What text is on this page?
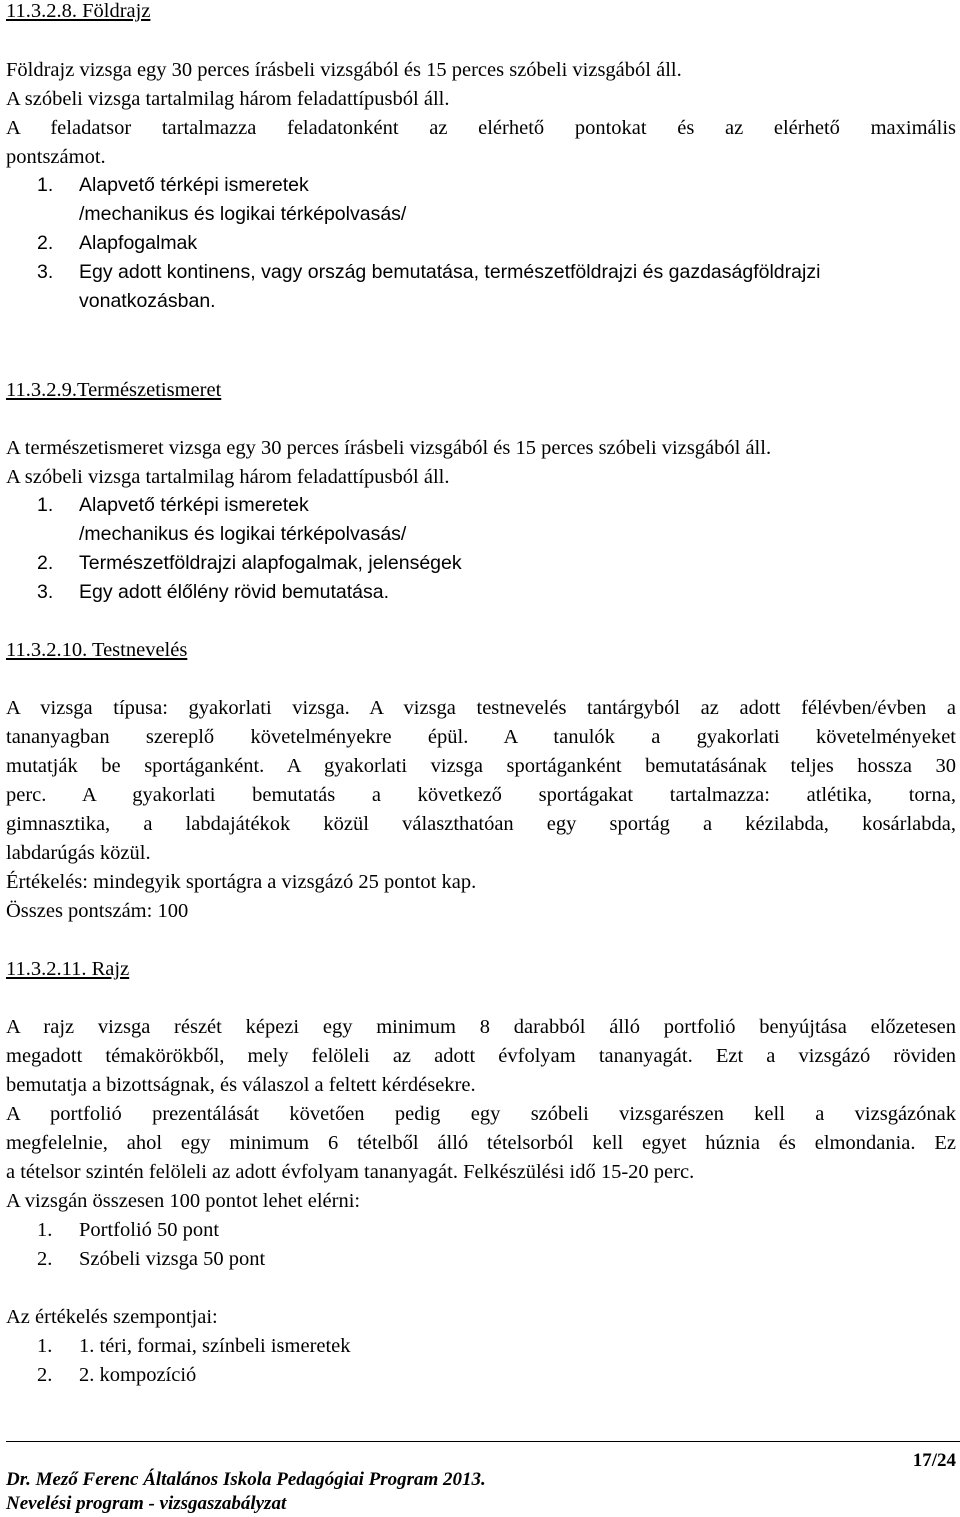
11.3.2.8. Földrajz
Földrajz vizsga egy 30 perces írásbeli vizsgából és 15 perces szóbeli vizsgából áll.
A szóbeli vizsga tartalmilag három feladattípusból áll.
A feladatsor tartalmazza feladatonként az elérhető pontokat és az elérhető maximális
pontszámot.
1. Alapvető térképi ismeretek
/mechanikus és logikai térképolvasás/
2. Alapfogalmak
3. Egy adott kontinens, vagy ország bemutatása, természetföldrajzi és gazdaságföldrajzi
vonatkozásban.
11.3.2.9.Természetismeret
A természetismeret vizsga egy 30 perces írásbeli vizsgából és 15 perces szóbeli vizsgából áll.
A szóbeli vizsga tartalmilag három feladattípusból áll.
1. Alapvető térképi ismeretek
/mechanikus és logikai térképolvasás/
2. Természetföldrajzi alapfogalmak, jelenségek
3. Egy adott élőlény rövid bemutatása.
11.3.2.10. Testnevelés
A vizsga típusa: gyakorlati vizsga. A vizsga testnevelés tantárgyból az adott félévben/évben a
tananyagban szereplő követelményekre épül. A tanulók a gyakorlati követelményeket
mutatják be sportáganként. A gyakorlati vizsga sportáganként bemutatásának teljes hossza 30
perc. A gyakorlati bemutatás a következő sportágakat tartalmazza: atlétika, torna,
gimnasztika, a labdajátékok közül választhatóan egy sportág a kézilabda, kosárlabda,
labdarúgás közül.
Értékelés: mindegyik sportágra a vizsgázó 25 pontot kap.
Összes pontszám: 100
11.3.2.11. Rajz
A rajz vizsga részét képezi egy minimum 8 darabból álló portfolió benyújtása előzetesen
megadott témakörökből, mely felöleli az adott évfolyam tananyagát. Ezt a vizsgázó röviden
bemutatja a bizottságnak, és válaszol a feltett kérdésekre.
A portfolió prezentálását követően pedig egy szóbeli vizsgarészen kell a vizsgázónak
megfelelnie, ahol egy minimum 6 tételből álló tételsorból kell egyet húznia és elmondania. Ez
a tételsor szintén felöleli az adott évfolyam tananyagát. Felkészülési idő 15-20 perc.
A vizsgán összesen 100 pontot lehet elérni:
1. Portfolió 50 pont
2. Szóbeli vizsga 50 pont
Az értékelés szempontjai:
1. 1. téri, formai, színbeli ismeretek
2. 2. kompozíció
17/24
Dr. Mező Ferenc Általános Iskola Pedagógiai Program 2013.
Nevelési program - vizsgaszabályzat
